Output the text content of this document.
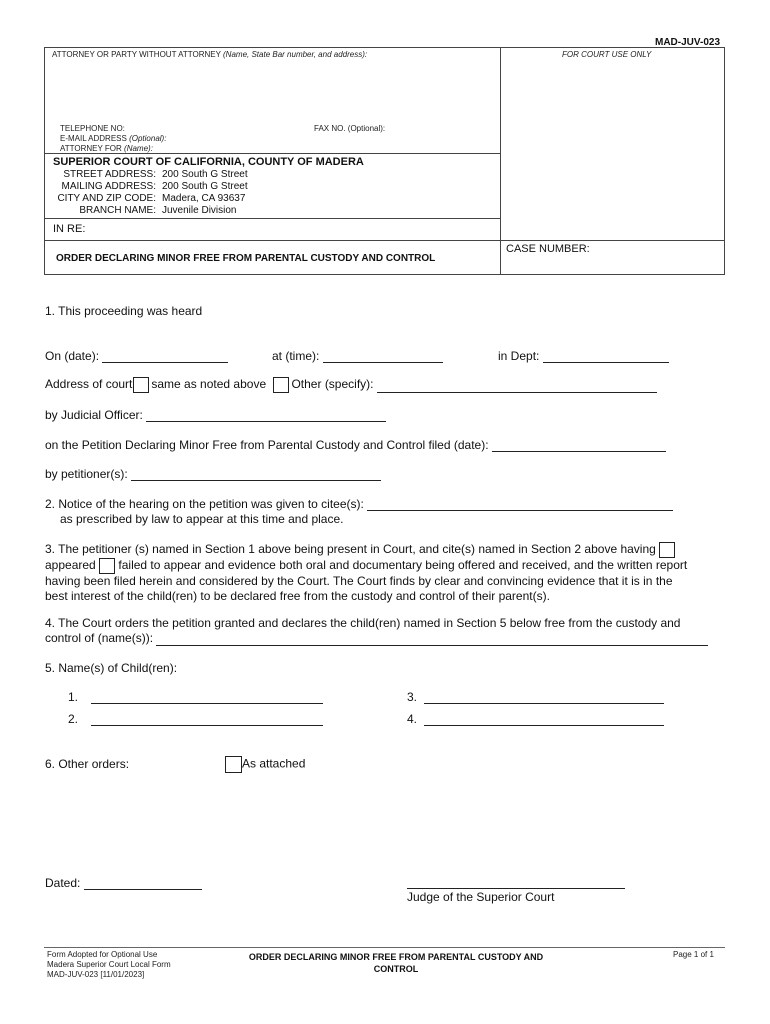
MAD-JUV-023
ATTORNEY OR PARTY WITHOUT ATTORNEY (Name, State Bar number, and address):	FOR COURT USE ONLY
TELEPHONE NO:	FAX NO. (Optional):
E-MAIL ADDRESS (Optional):
ATTORNEY FOR (Name):
SUPERIOR COURT OF CALIFORNIA, COUNTY OF MADERA
STREET ADDRESS: 200 South G Street
MAILING ADDRESS: 200 South G Street
CITY AND ZIP CODE: Madera, CA 93637
BRANCH NAME: Juvenile Division
IN RE:
ORDER DECLARING MINOR FREE FROM PARENTAL CUSTODY AND CONTROL
CASE NUMBER:
1. This proceeding was heard
On (date):	at (time):	in Dept:
Address of court same as noted above Other (specify):
by Judicial Officer:
on the Petition Declaring Minor Free from Parental Custody and Control filed (date):
by petitioner(s):
2. Notice of the hearing on the petition was given to citee(s):
as prescribed by law to appear at this time and place.
3. The petitioner (s) named in Section 1 above being present in Court, and cite(s) named in Section 2 above having
appeared failed to appear and evidence both oral and documentary being offered and received, and the written report
having been filed herein and considered by the Court. The Court finds by clear and convincing evidence that it is in the
best interest of the child(ren) to be declared free from the custody and control of their parent(s).
4. The Court orders the petition granted and declares the child(ren) named in Section 5 below free from the custody and
control of (name(s)):
5. Name(s) of Child(ren):
1.
2.
3.
4.
6. Other orders:	As attached
Dated:
Judge of the Superior Court
Form Adopted for Optional Use
Madera Superior Court Local Form
MAD-JUV-023 [11/01/2023]
ORDER DECLARING MINOR FREE FROM PARENTAL CUSTODY AND CONTROL
Page 1 of 1
